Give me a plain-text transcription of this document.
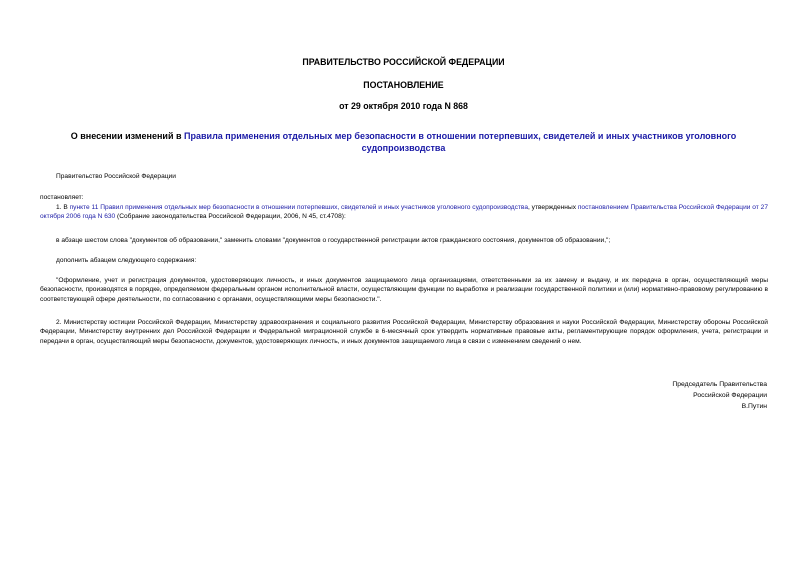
ПРАВИТЕЛЬСТВО РОССИЙСКОЙ ФЕДЕРАЦИИ
ПОСТАНОВЛЕНИЕ
от 29 октября 2010 года N 868
О внесении изменений в Правила применения отдельных мер безопасности в отношении потерпевших, свидетелей и иных участников уголовного судопроизводства
Правительство Российской Федерации
постановляет:
1. В пункте 11 Правил применения отдельных мер безопасности в отношении потерпевших, свидетелей и иных участников уголовного судопроизводства, утвержденных постановлением Правительства Российской Федерации от 27 октября 2006 года N 630 (Собрание законодательства Российской Федерации, 2006, N 45, ст.4708):
в абзаце шестом слова "документов об образовании," заменить словами "документов о государственной регистрации актов гражданского состояния, документов об образовании,";
дополнить абзацем следующего содержания:
"Оформление, учет и регистрация документов, удостоверяющих личность, и иных документов защищаемого лица организациями, ответственными за их замену и выдачу, и их передача в орган, осуществляющий меры безопасности, производятся в порядке, определяемом федеральным органом исполнительной власти, осуществляющим функции по выработке и реализации государственной политики и (или) нормативно-правовому регулированию в соответствующей сфере деятельности, по согласованию с органами, осуществляющими меры безопасности.".
2. Министерству юстиции Российской Федерации, Министерству здравоохранения и социального развития Российской Федерации, Министерству образования и науки Российской Федерации, Министерству обороны Российской Федерации, Министерству внутренних дел Российской Федерации и Федеральной миграционной службе в 6-месячный срок утвердить нормативные правовые акты, регламентирующие порядок оформления, учета, регистрации и передачи в орган, осуществляющий меры безопасности, документов, удостоверяющих личность, и иных документов защищаемого лица в связи с изменением сведений о нем.
Председатель Правительства
Российской Федерации
В.Путин
